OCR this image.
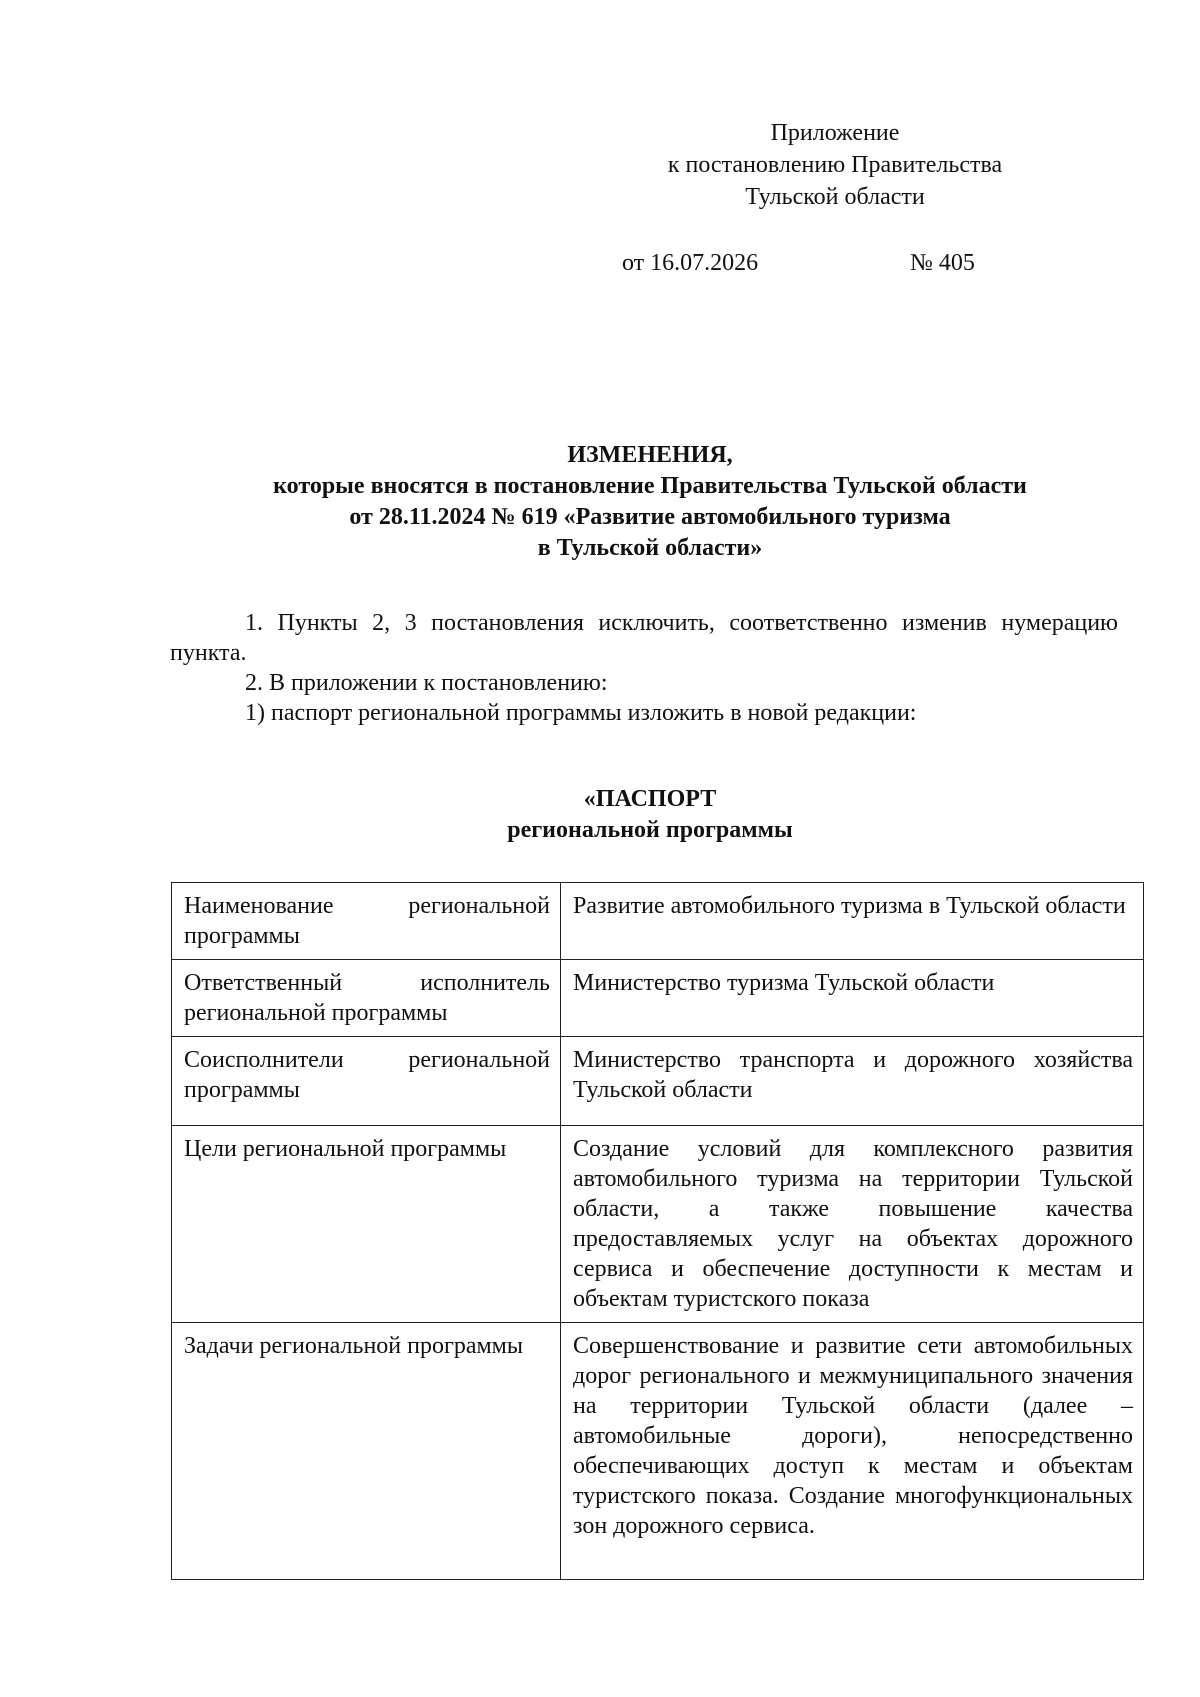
Приложение
к постановлению Правительства
Тульской области
от 16.07.2026	№ 405
ИЗМЕНЕНИЯ,
которые вносятся в постановление Правительства Тульской области
от 28.11.2024 № 619 «Развитие автомобильного туризма
в Тульской области»

1. Пункты 2, 3 постановления исключить, соответственно изменив нумерацию пункта.

2. В приложении к постановлению:

1) паспорт региональной программы изложить в новой редакции:

«ПАСПОРТ
региональной программы
Наименование региональной программы	Развитие автомобильного туризма в Тульской области
Ответственный исполнитель региональной программы	Министерство туризма Тульской области
Соисполнители региональной программы	Министерство транспорта и дорожного хозяйства Тульской области
Цели региональной программы	Создание условий для комплексного развития автомобильного туризма на территории Тульской области, а также повышение качества предоставляемых услуг на объектах дорожного сервиса и обеспечение доступности к местам и объектам туристского показа
Задачи региональной программы	Совершенствование и развитие сети автомобильных дорог регионального и межмуниципального значения на территории Тульской области (далее – автомобильные дороги), непосредственно обеспечивающих доступ к местам и объектам туристского показа. Создание многофункциональных зон дорожного сервиса.
